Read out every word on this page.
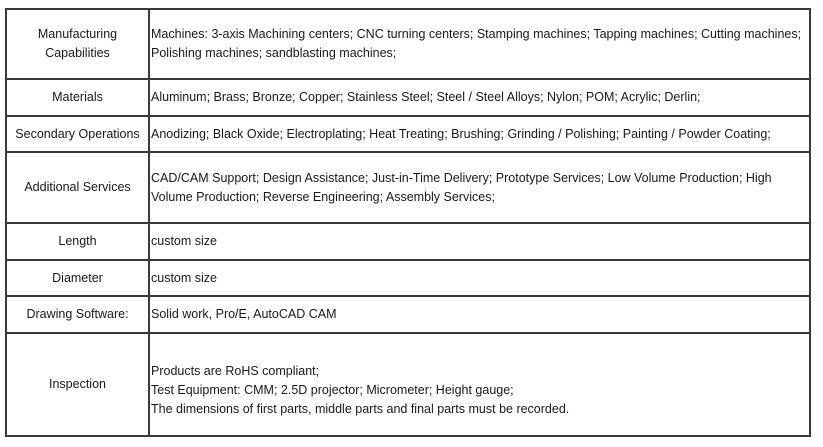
Manufacturing Capabilities	Machines: 3-axis Machining centers; CNC turning centers; Stamping machines; Tapping machines; Cutting machines; Polishing machines; sandblasting machines;
Materials	Aluminum; Brass; Bronze; Copper; Stainless Steel; Steel / Steel Alloys; Nylon; POM; Acrylic; Derlin;
Secondary Operations	Anodizing; Black Oxide; Electroplating; Heat Treating; Brushing; Grinding / Polishing; Painting / Powder Coating;
Additional Services	CAD/CAM Support; Design Assistance; Just-in-Time Delivery; Prototype Services; Low Volume Production; High Volume Production; Reverse Engineering; Assembly Services;
Length	custom size
Diameter	custom size
Drawing Software:	Solid work, Pro/E, AutoCAD CAM
Inspection	Products are RoHS compliant;
Test Equipment: CMM; 2.5D projector; Micrometer; Height gauge;
The dimensions of first parts, middle parts and final parts must be recorded.
